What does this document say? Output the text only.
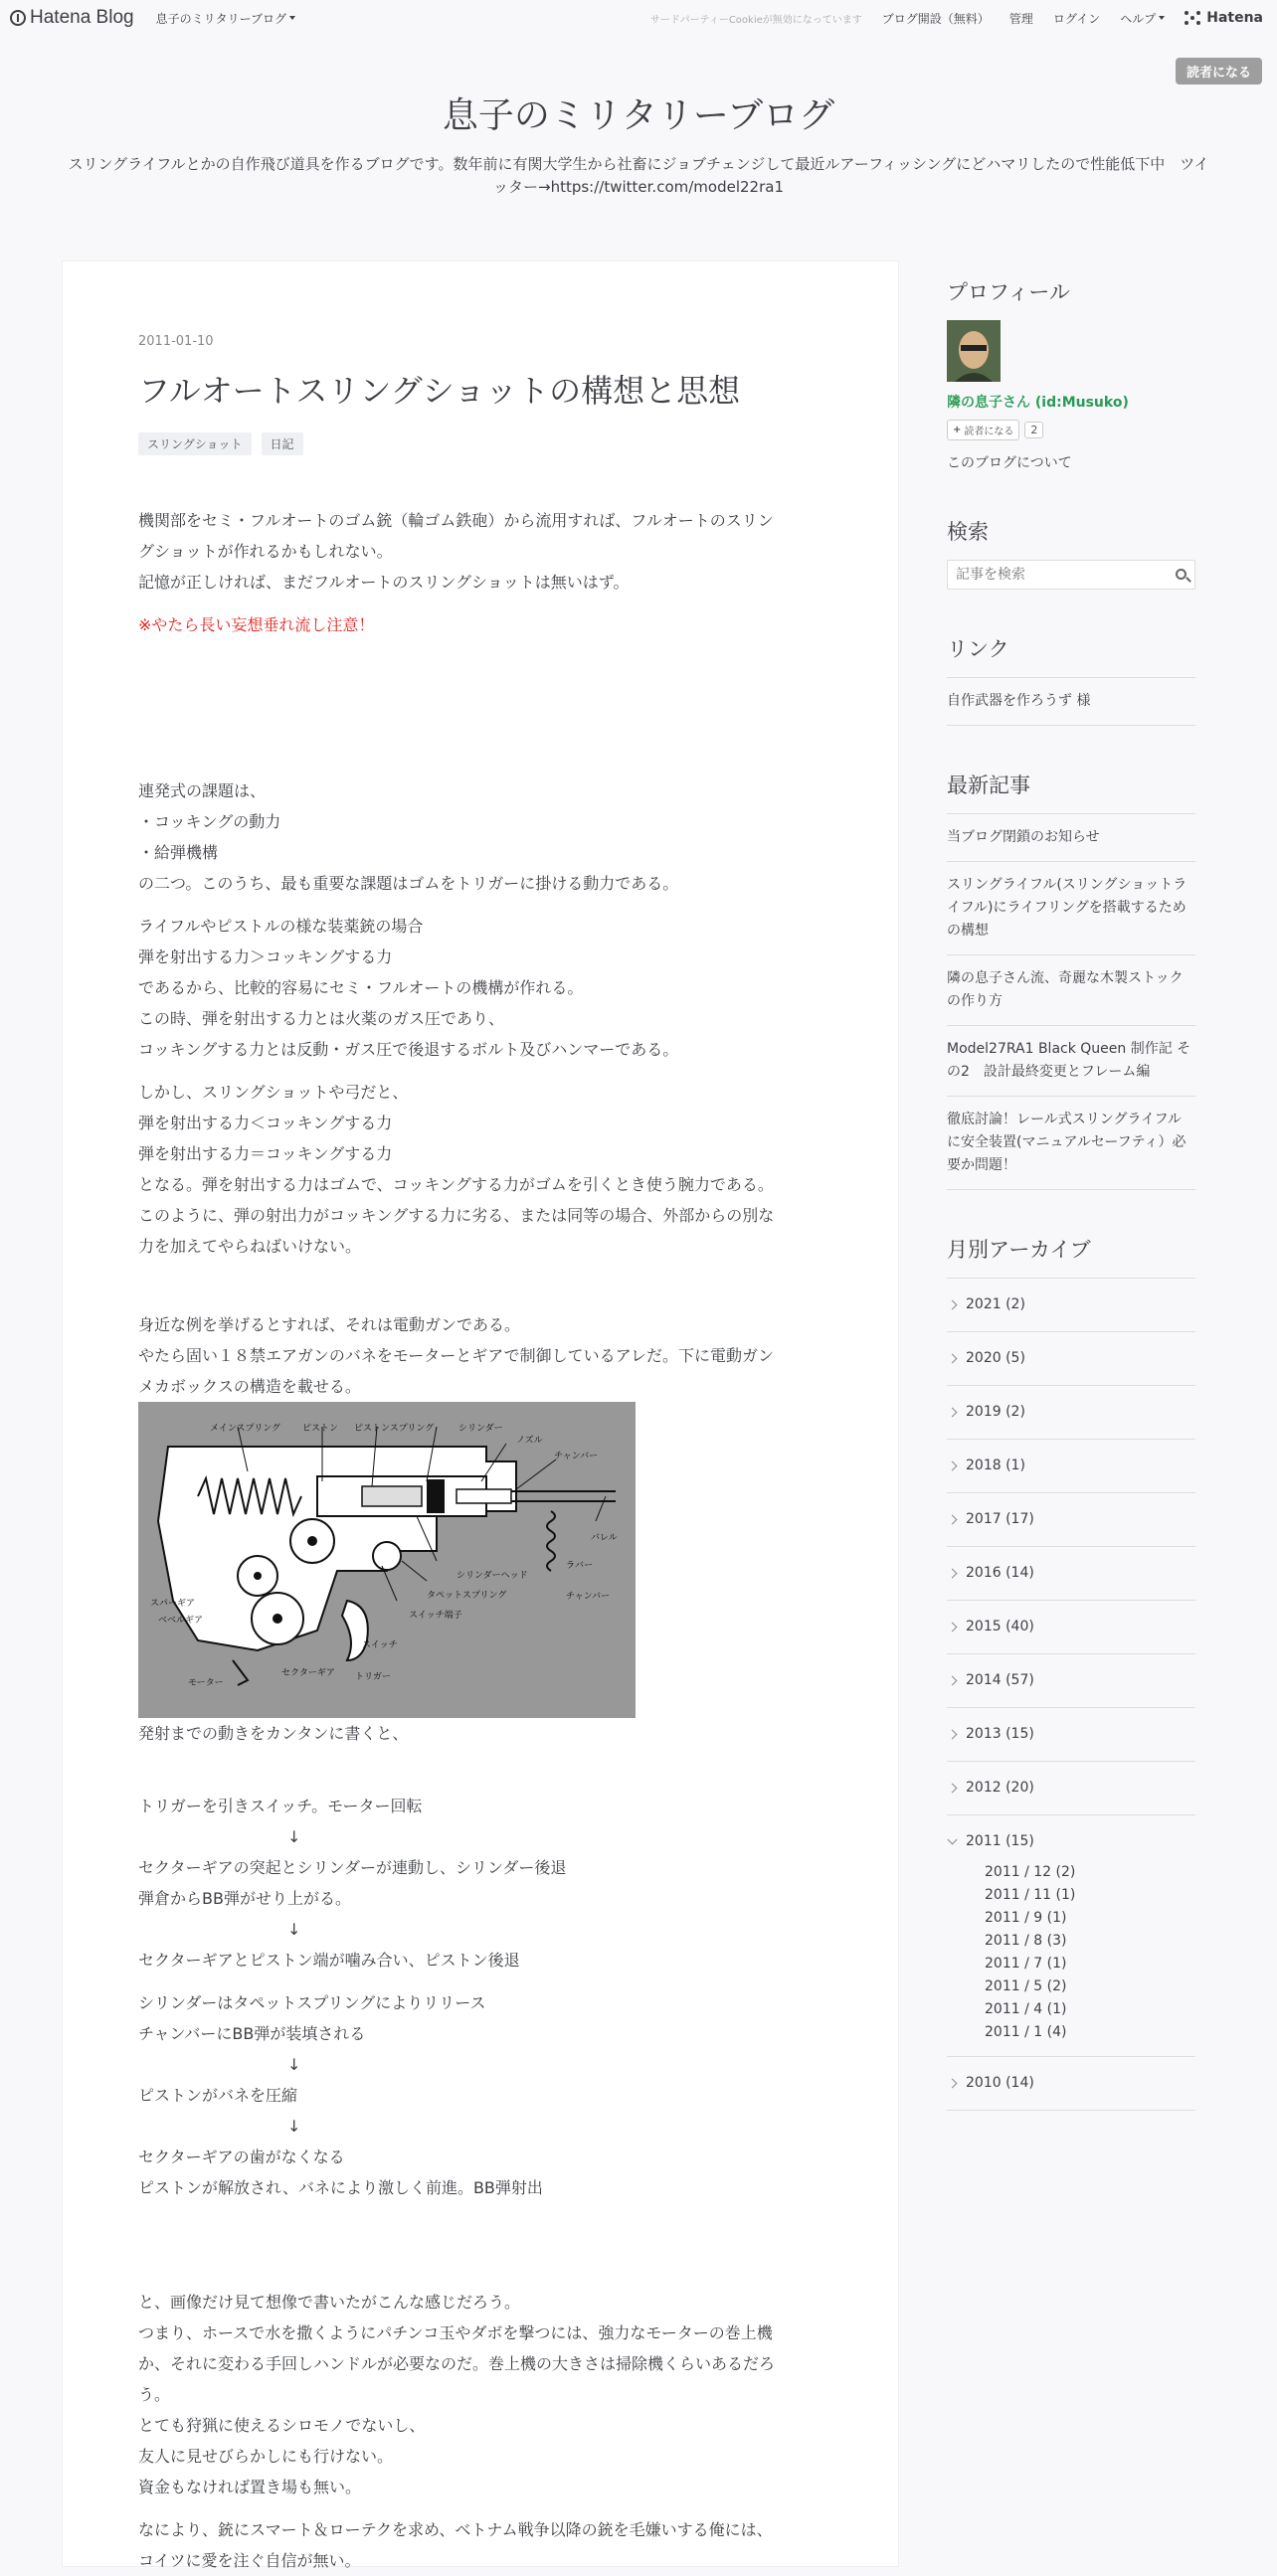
Hatena Blog 息子のミリタリーブログ	サードパーティーCookieが無効になっています ブログ開設（無料） 管理 ログイン ヘルプ	Hatena
読者になる
息子のミリタリーブログ
スリングライフルとかの自作飛び道具を作るブログです。数年前に有関大学生から社畜にジョブチェンジして最近ルアーフィッシングにどハマリしたので性能低下中　ツイッター→https://twitter.com/model22ra1
2011-01-10
フルオートスリングショットの構想と思想
スリングショット	日記

機関部をセミ・フルオートのゴム銃（輪ゴム鉄砲）から流用すれば、フルオートのスリン

グショットが作れるかもしれない。

記憶が正しければ、まだフルオートのスリングショットは無いはず。

※やたら長い妄想垂れ流し注意！

連発式の課題は、

・コッキングの動力

・給弾機構

の二つ。このうち、最も重要な課題はゴムをトリガーに掛ける動力である。

ライフルやピストルの様な装薬銃の場合

弾を射出する力＞コッキングする力

であるから、比較的容易にセミ・フルオートの機構が作れる。

この時、弾を射出する力とは火薬のガス圧であり、

コッキングする力とは反動・ガス圧で後退するボルト及びハンマーである。

しかし、スリングショットや弓だと、

弾を射出する力＜コッキングする力

弾を射出する力＝コッキングする力

となる。弾を射出する力はゴムで、コッキングする力がゴムを引くとき使う腕力である。

このように、弾の射出力がコッキングする力に劣る、または同等の場合、外部からの別な

力を加えてやらねばいけない。

身近な例を挙げるとすれば、それは電動ガンである。

やたら固い１８禁エアガンのバネをモーターとギアで制御しているアレだ。下に電動ガン

メカボックスの構造を載せる。

メインスプリング ピストン ピストンスプリング	シリンダー
ノズル
チャンバー
バレル
ラバー
チャンバー
シリンダーヘッド
タペットスプリング
スイッチ端子
スイッチ
トリガー
セクターギア
モーター
スパーギア
ベベルギア

発射までの動きをカンタンに書くと、

トリガーを引きスイッチ。モーター回転

↓

セクターギアの突起とシリンダーが連動し、シリンダー後退

弾倉からBB弾がせり上がる。

↓

セクターギアとピストン端が噛み合い、ピストン後退

シリンダーはタペットスプリングによりリリース

チャンバーにBB弾が装填される

↓

ピストンがバネを圧縮

↓

セクターギアの歯がなくなる

ピストンが解放され、バネにより激しく前進。BB弾射出

と、画像だけ見て想像で書いたがこんな感じだろう。

つまり、ホースで水を撒くようにパチンコ玉やダボを撃つには、強力なモーターの巻上機

か、それに変わる手回しハンドルが必要なのだ。巻上機の大きさは掃除機くらいあるだろ

う。

とても狩猟に使えるシロモノでないし、

友人に見せびらかしにも行けない。

資金もなければ置き場も無い。

なにより、銃にスマート＆ローテクを求め、ベトナム戦争以降の銃を毛嫌いする俺には、

コイツに愛を注ぐ自信が無い。

プロフィール
隣の息子さん (id:Musuko)
+ 読者になる	2
このブログについて
検索
記事を検索
リンク
自作武器を作ろうず 様
最新記事
当ブログ閉鎖のお知らせ
スリングライフル(スリングショットライフル)にライフリングを搭載するための構想
隣の息子さん流、奇麗な木製ストックの作り方
Model27RA1 Black Queen 制作記 その2　設計最終変更とフレーム編
徹底討論！レール式スリングライフルに安全装置(マニュアルセーフティ）必要か問題！
月別アーカイブ
2021 (2)
2020 (5)
2019 (2)
2018 (1)
2017 (17)
2016 (14)
2015 (40)
2014 (57)
2013 (15)
2012 (20)
2011 (15)
2011 / 12 (2)
2011 / 11 (1)
2011 / 9 (1)
2011 / 8 (3)
2011 / 7 (1)
2011 / 5 (2)
2011 / 4 (1)
2011 / 1 (4)
2010 (14)
